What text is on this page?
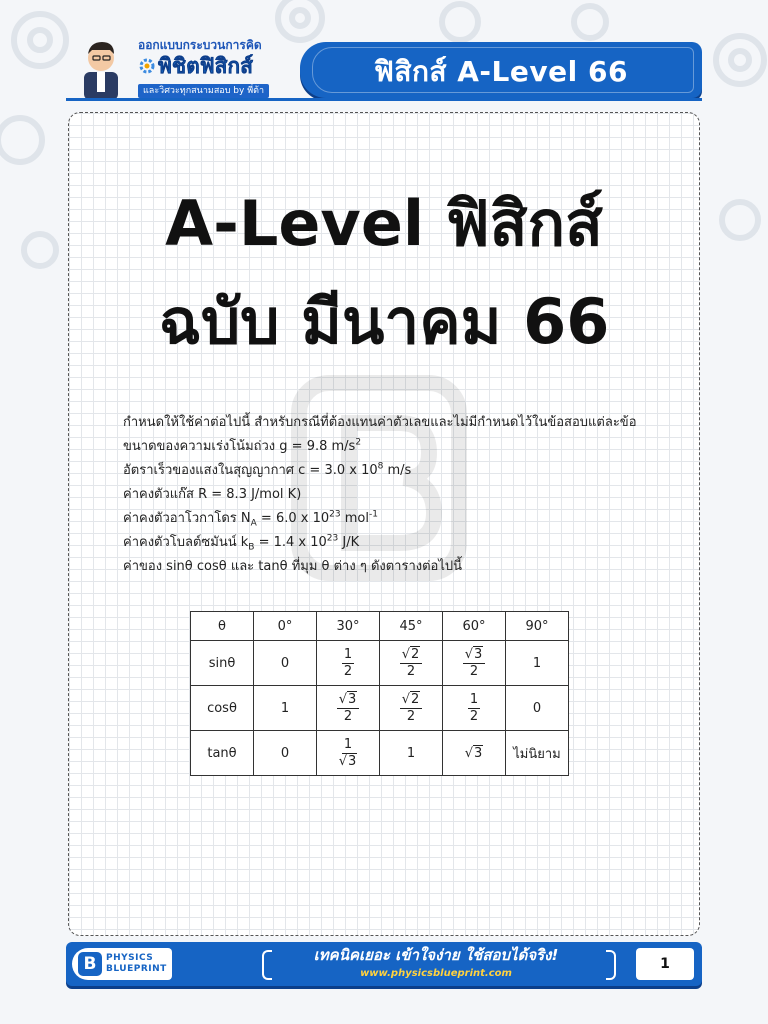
ออกแบบกระบวนการคิด
พิชิตฟิสิกส์
และวิศวะทุกสนามสอบ by พี่ต้า
ฟิสิกส์ A-Level 66
A-Level ฟิสิกส์
ฉบับ มีนาคม 66
กำหนดให้ใช้ค่าต่อไปนี้ สำหรับกรณีที่ต้องแทนค่าตัวเลขและไม่มีกำหนดไว้ในข้อสอบแต่ละข้อ
ขนาดของความเร่งโน้มถ่วง g = 9.8 $m/s^2$
อัตราเร็วของแสงในสุญญากาศ c = 3.0 x $10^8$ m/s
ค่าคงตัวแก๊ส R = 8.3 J/mol K)
ค่าคงตัวอาโวกาโดร $N_A = 6.0$ x $10^{23}$ mol$^{-1}$
ค่าคงตัวโบลต์ซมันน์ $k_B = 1.4$ x $10^{23}$ J/K
ค่าของ sinθ cosθ และ tanθ ที่มุม θ ต่าง ๆ ดังตารางต่อไปนี้
θ	0°	30°	45°	60°	90°
sinθ	0	$\frac{1}{2}$	$\frac{√2}{2}$	$\frac{√3}{2}$	1
cosθ	1	$\frac{√3}{2}$	$\frac{√2}{2}$	$\frac{1}{2}$	0
tanθ	0	$\frac{1}{√3}$	1	√3	ไม่นิยาม
B	PHYSICS
BLUEPRINT
เทคนิคเยอะ เข้าใจง่าย ใช้สอบได้จริง!
www.physicsblueprint.com
1
